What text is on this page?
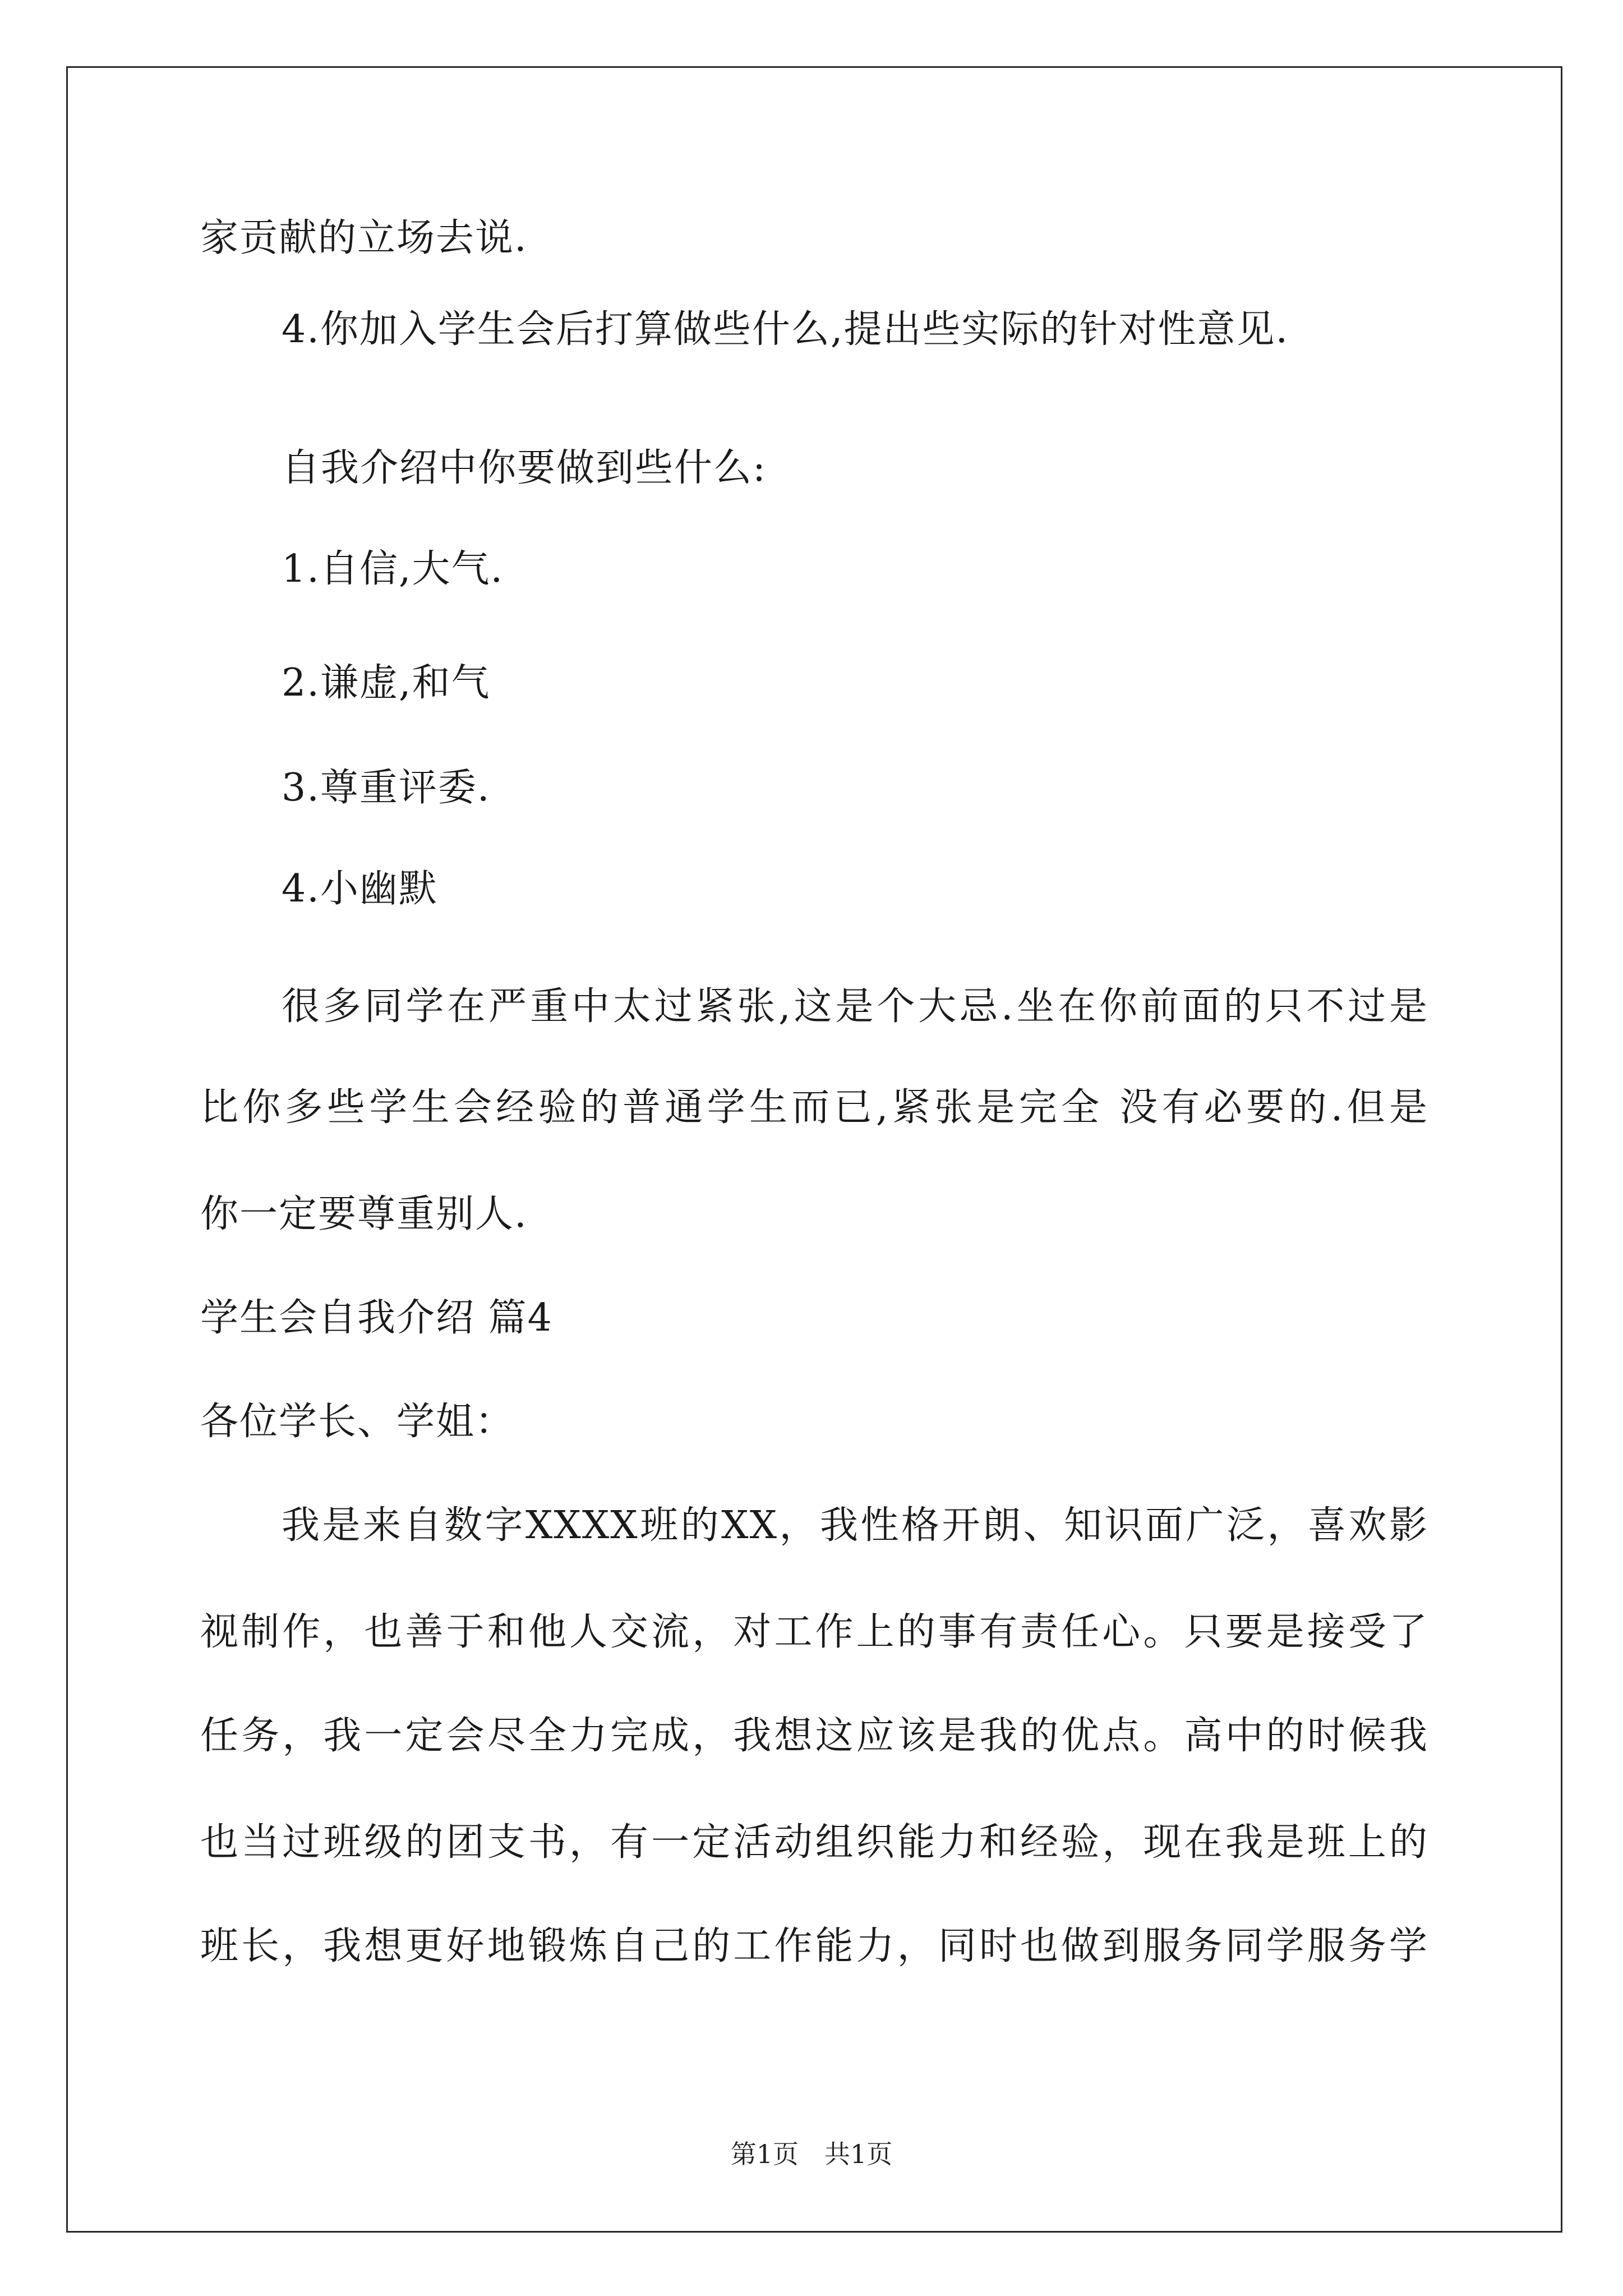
家贡献的立场去说.
4.你加入学生会后打算做些什么,提出些实际的针对性意见.
自我介绍中你要做到些什么:
1.自信,大气.
2.谦虚,和气
3.尊重评委.
4.小幽默
很多同学在严重中太过紧张,这是个大忌.坐在你前面的只不过是
比你多些学生会经验的普通学生而已,紧张是完全 没有必要的.但是
你一定要尊重别人.
学生会自我介绍 篇4
各位学长、学姐：
我是来自数字XXXX班的XX，我性格开朗、知识面广泛，喜欢影
视制作，也善于和他人交流，对工作上的事有责任心。只要是接受了
任务，我一定会尽全力完成，我想这应该是我的优点。高中的时候我
也当过班级的团支书，有一定活动组织能力和经验，现在我是班上的
班长，我想更好地锻炼自己的工作能力，同时也做到服务同学服务学
第1页　共1页
